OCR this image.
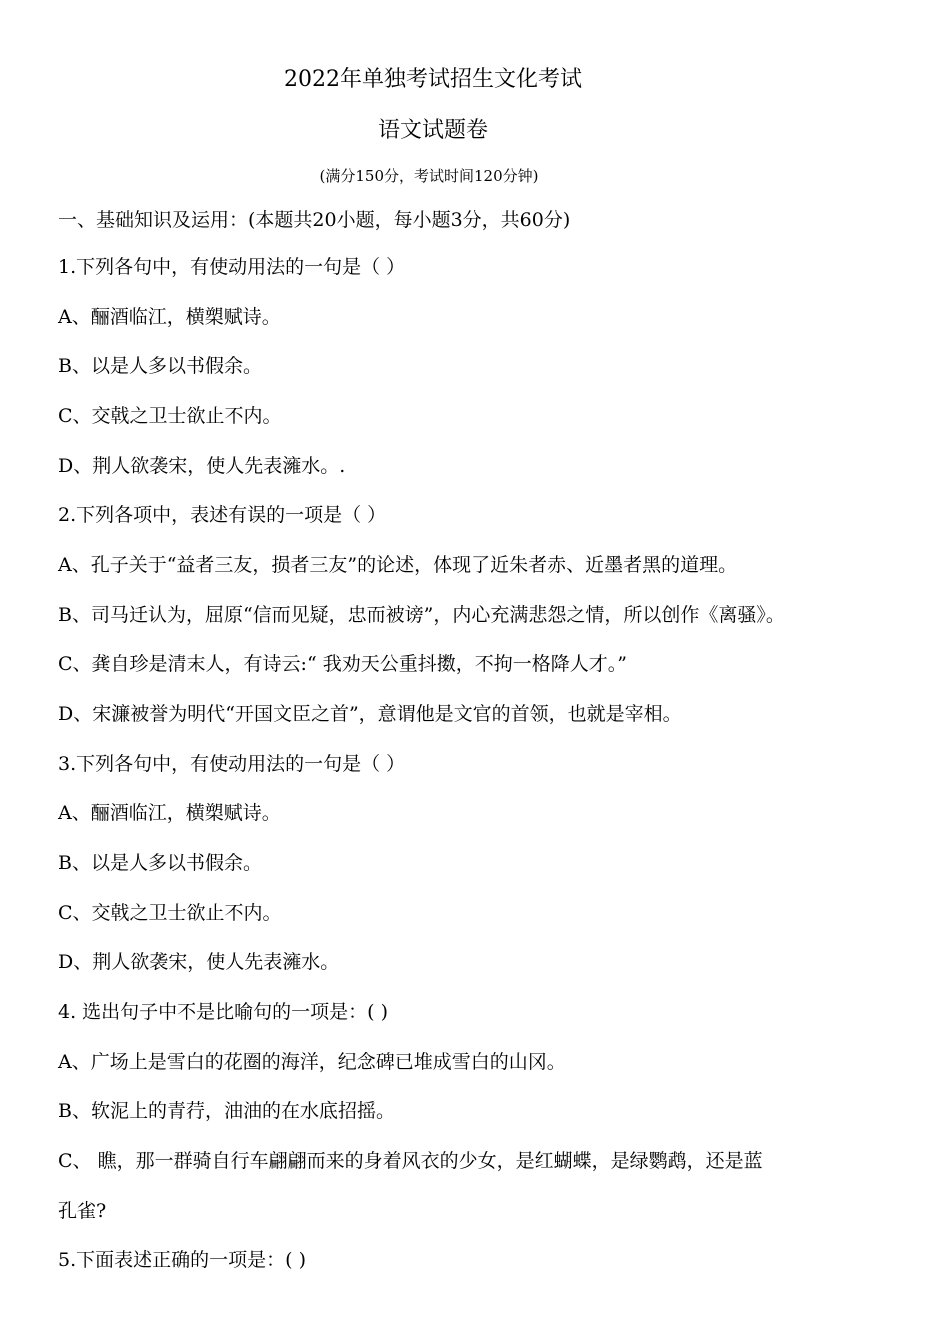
2022年单独考试招生文化考试
语文试题卷
(满分150分，考试时间120分钟)
一、基础知识及运用：(本题共20小题，每小题3分，共60分)
1.下列各句中，有使动用法的一句是（ ）
A、酾酒临江，横槊赋诗。
B、以是人多以书假余。
C、交戟之卫士欲止不内。
D、荆人欲袭宋，使人先表澭水。.
2.下列各项中，表述有误的一项是（ ）
A、孔子关于“益者三友，损者三友”的论述，体现了近朱者赤、近墨者黑的道理。
B、司马迁认为，屈原“信而见疑，忠而被谤”，内心充满悲怨之情，所以创作《离骚》。
C、龚自珍是清末人，有诗云:“ 我劝天公重抖擞，不拘一格降人才。”
D、宋濂被誉为明代“开国文臣之首”，意谓他是文官的首领，也就是宰相。
3.下列各句中，有使动用法的一句是（ ）
A、酾酒临江，横槊赋诗。
B、以是人多以书假余。
C、交戟之卫士欲止不内。
D、荆人欲袭宋，使人先表澭水。
4. 选出句子中不是比喻句的一项是：( )
A、广场上是雪白的花圈的海洋，纪念碑已堆成雪白的山冈。
B、软泥上的青荇，油油的在水底招摇。
C、 瞧，那一群骑自行车翩翩而来的身着风衣的少女，是红蝴蝶，是绿鹦鹉，还是蓝
孔雀?
5.下面表述正确的一项是：( )
